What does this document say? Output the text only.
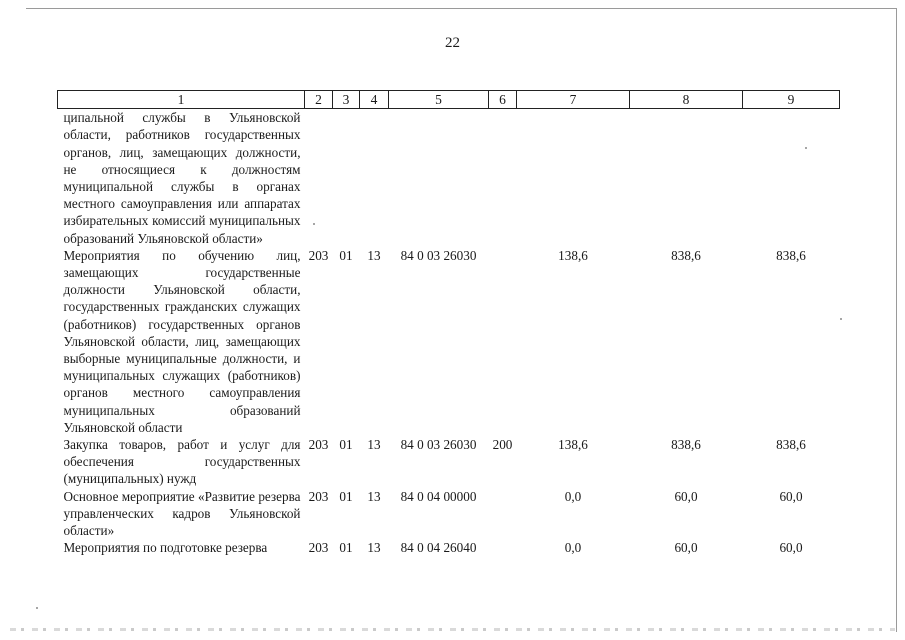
22
1	2	3	4	5	6	7	8	9
ципальной службы в Ульяновской области, работников государственных органов, лиц, замещающих должности, не относящиеся к должностям муниципальной службы в органах местного самоуправления или аппаратах избирательных комиссий муниципальных образований Ульяновской области»								
Мероприятия по обучению лиц, замещающих государственные должности Ульяновской области, государственных гражданских служащих (работников) государственных органов Ульяновской области, лиц, замещающих выборные муниципальные должности, и муниципальных служащих (работников) органов местного самоуправления муниципальных образований Ульяновской области	203	01	13	84 0 03 26030		138,6	838,6	838,6
Закупка товаров, работ и услуг для обеспечения государственных (муниципальных) нужд	203	01	13	84 0 03 26030	200	138,6	838,6	838,6
Основное мероприятие «Развитие резерва управленческих кадров Ульяновской области»	203	01	13	84 0 04 00000		0,0	60,0	60,0
Мероприятия по подготовке резерва	203	01	13	84 0 04 26040		0,0	60,0	60,0
